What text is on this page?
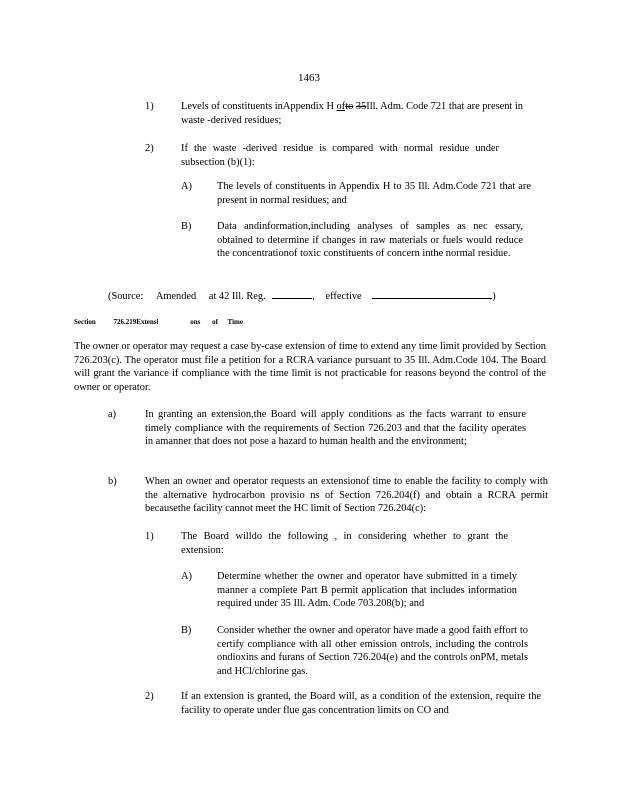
1463
1)	Levels of constituents inAppendix H ofto 35Ill. Adm. Code 721 that are present in waste -derived residues;
2)	If the waste -derived residue is compared with normal residue under subsection (b)(1):
A) The levels of constituents in Appendix H to 35 Ill. Adm.Code 721 that are present in normal residues; and
B) Data andinformation,including analyses of samples as nec essary, obtained to determine if changes in raw materials or fuels would reduce the concentrationof toxic constituents of concern inthe normal residue.
(Source: Amended at 42 Ill. Reg.	, effective	)
Section	726.219Extensi	ons of Time
The owner or operator may request a case by-case extension of time to extend any time limit provided by Section 726.203(c). The operator must file a petition for a RCRA variance pursuant to 35 Ill. Adm.Code 104. The Board will grant the variance if compliance with the time limit is not practicable for reasons beyond the control of the owner or operator.
a)	In granting an extension,the Board will apply conditions as the facts warrant to ensure timely compliance with the requirements of Section 726.203 and that the facility operates in amanner that does not pose a hazard to human health and the environment;
b)	When an owner and operator requests an extensionof time to enable the facility to comply with the alternative hydrocarbon provisio ns of Section 726.204(f) and obtain a RCRA permit becausethe facility cannot meet the HC limit of Section 726.204(c):
1)	The Board willdo the following , in considering whether to grant the extension:
A) Determine whether the owner and operator have submitted in a timely manner a complete Part B permit application that includes information required under 35 Ill. Adm. Code 703.208(b); and
B) Consider whether the owner and operator have made a good faith effort to certify compliance with all other emission ontrols, including the controls ondioxins and furans of Section 726.204(e) and the controls onPM, metals and HCl/chlorine gas.
2)	If an extension is granted, the Board will, as a condition of the extension, require the facility to operate under flue gas concentration limits on CO and
